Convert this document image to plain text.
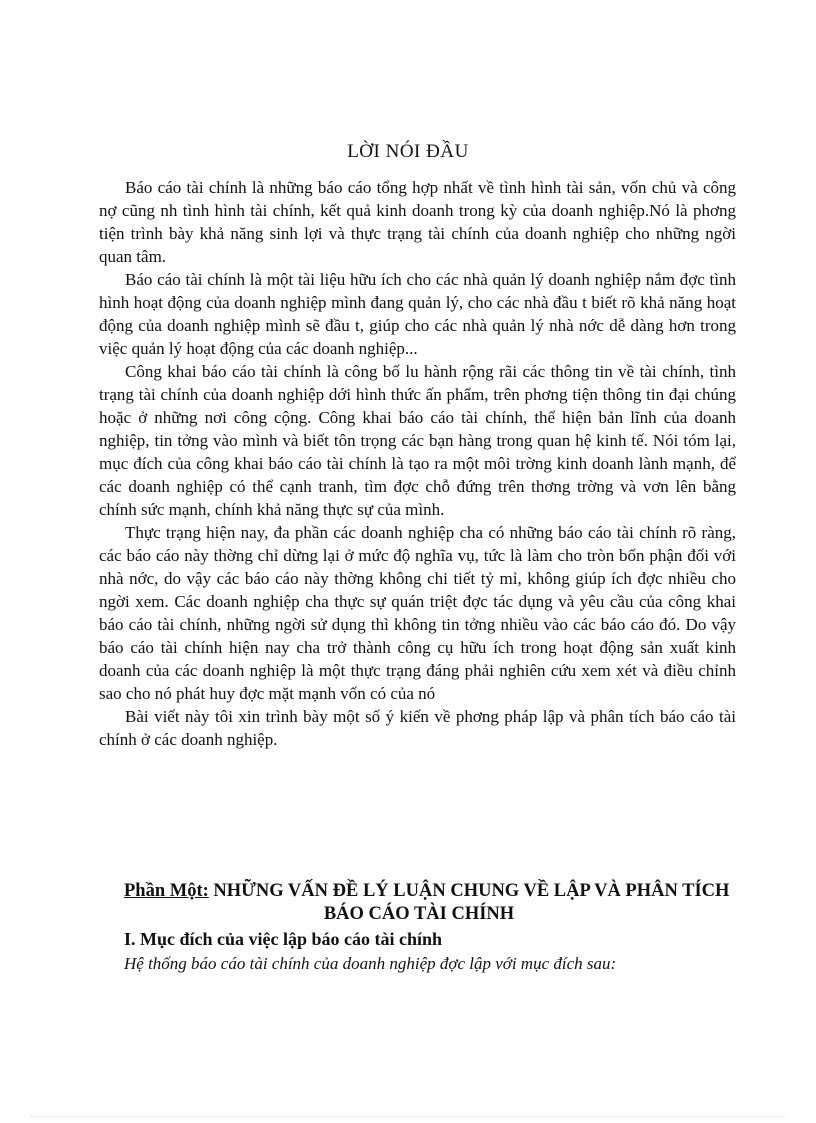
LỜI NÓI ĐẦU

Báo cáo tài chính là những báo cáo tổng hợp nhất về tình hình tài sản, vốn chủ và công nợ cũng nh tình hình tài chính, kết quả kinh doanh trong kỳ của doanh nghiệp.Nó là phơng tiện trình bày khả năng sinh lợi và thực trạng tài chính của doanh nghiệp cho những ngời quan tâm.

Báo cáo tài chính là một tài liệu hữu ích cho các nhà quản lý doanh nghiệp nắm đợc tình hình hoạt động của doanh nghiệp mình đang quản lý, cho các nhà đầu t biết rõ khả năng hoạt động của doanh nghiệp mình sẽ đầu t, giúp cho các nhà quản lý nhà nớc dễ dàng hơn trong việc quản lý hoạt động của các doanh nghiệp...

Công khai báo cáo tài chính là công bố lu hành rộng rãi các thông tin về tài chính, tình trạng tài chính của doanh nghiệp dới hình thức ấn phẩm, trên phơng tiện thông tin đại chúng hoặc ở những nơi công cộng. Công khai báo cáo tài chính, thể hiện bản lĩnh của doanh nghiệp, tin tởng vào mình và biết tôn trọng các bạn hàng trong quan hệ kinh tế. Nói tóm lại, mục đích của công khai báo cáo tài chính là tạo ra một môi trờng kinh doanh lành mạnh, để các doanh nghiệp có thể cạnh tranh, tìm đợc chỗ đứng trên thơng trờng và vơn lên bằng chính sức mạnh, chính khả năng thực sự của mình.

Thực trạng hiện nay, đa phần các doanh nghiệp cha có những báo cáo tài chính rõ ràng, các báo cáo này thờng chỉ dừng lại ở mức độ nghĩa vụ, tức là làm cho tròn bổn phận đối với nhà nớc, do vậy các báo cáo này thờng không chi tiết tỷ mỉ, không giúp ích đợc nhiều cho ngời xem. Các doanh nghiệp cha thực sự quán triệt đợc tác dụng và yêu cầu của công khai báo cáo tài chính, những ngời sử dụng thì không tin tởng nhiều vào các báo cáo đó. Do vậy báo cáo tài chính hiện nay cha trở thành công cụ hữu ích trong hoạt động sản xuất kinh doanh của các doanh nghiệp là một thực trạng đáng phải nghiên cứu xem xét và điều chỉnh sao cho nó phát huy đợc mặt mạnh vốn có của nó

Bài viết này tôi xin trình bày một số ý kiến về phơng pháp lập và phân tích báo cáo tài chính ở các doanh nghiệp.

Phần Một: NHỮNG VẤN ĐỀ LÝ LUẬN CHUNG VỀ LẬP VÀ PHÂN TÍCH
BÁO CÁO TÀI CHÍNH
I. Mục đích của việc lập báo cáo tài chính
Hệ thống báo cáo tài chính của doanh nghiệp đợc lập với mục đích sau:
